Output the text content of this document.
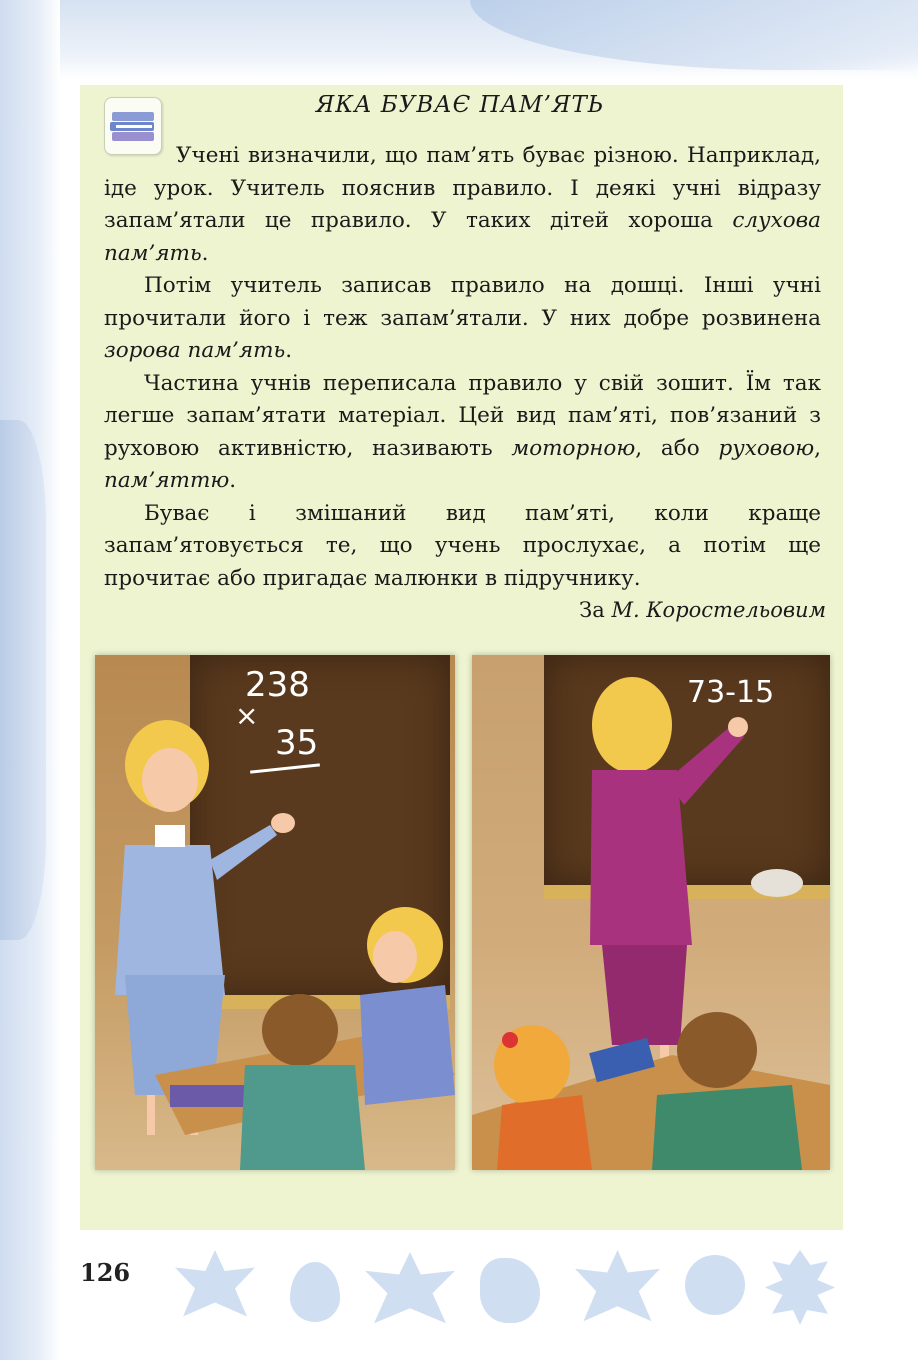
ЯКА БУВАЄ ПАМ’ЯТЬ

Учені визначили, що пам’ять буває різною. Наприклад, іде урок. Учитель пояснив правило. І деякі учні відразу запам’ятали це правило. У таких дітей хороша слухова пам’ять.

Потім учитель записав правило на дошці. Інші учні прочитали його і теж запам’ятали. У них добре розвинена зорова пам’ять.

Частина учнів переписала правило у свій зошит. Їм так легше запам’ятати матеріал. Цей вид пам’яті, пов’язаний з руховою активністю, називають моторною, або руховою, пам’яттю.

Буває і змішаний вид пам’яті, коли краще запам’ятовується те, що учень прослухає, а потім ще прочитає або пригадає малюнки в підручнику.

За М. Коростельовим
238
×
35
73-15
126
